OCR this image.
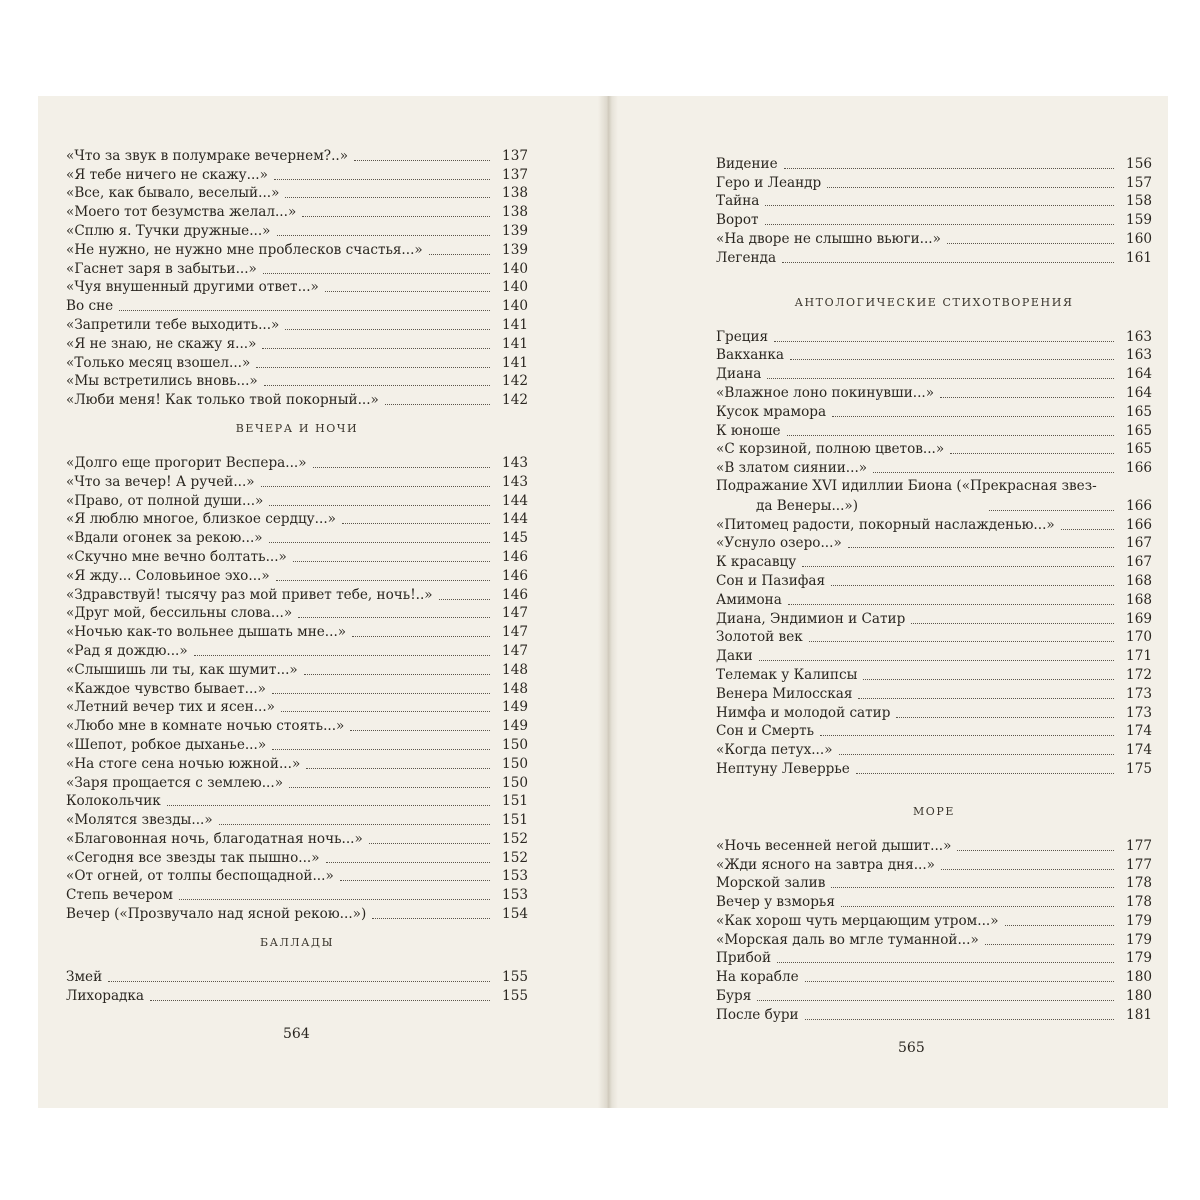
«Что за звук в полумраке вечернем?..»	137
«Я тебе ничего не скажу...»	137
«Все, как бывало, веселый...»	138
«Моего тот безумства желал...»	138
«Сплю я. Тучки дружные...»	139
«Не нужно, не нужно мне проблесков счастья...»	139
«Гаснет заря в забытьи...»	140
«Чуя внушенный другими ответ...»	140
Во сне	140
«Запретили тебе выходить...»	141
«Я не знаю, не скажу я...»	141
«Только месяц взошел...»	141
«Мы встретились вновь...»	142
«Люби меня! Как только твой покорный...»	142
ВЕЧЕРА И НОЧИ
«Долго еще прогорит Веспера...»	143
«Что за вечер! А ручей...»	143
«Право, от полной души...»	144
«Я люблю многое, близкое сердцу...»	144
«Вдали огонек за рекою...»	145
«Скучно мне вечно болтать...»	146
«Я жду... Соловьиное эхо...»	146
«Здравствуй! тысячу раз мой привет тебе, ночь!..»	146
«Друг мой, бессильны слова...»	147
«Ночью как-то вольнее дышать мне...»	147
«Рад я дождю...»	147
«Слышишь ли ты, как шумит...»	148
«Каждое чувство бывает...»	148
«Летний вечер тих и ясен...»	149
«Любо мне в комнате ночью стоять...»	149
«Шепот, робкое дыханье...»	150
«На стоге сена ночью южной...»	150
«Заря прощается с землею...»	150
Колокольчик	151
«Молятся звезды...»	151
«Благовонная ночь, благодатная ночь...»	152
«Сегодня все звезды так пышно...»	152
«От огней, от толпы беспощадной...»	153
Степь вечером	153
Вечер («Прозвучало над ясной рекою...»)	154
БАЛЛАДЫ
Змей	155
Лихорадка	155
564
Видение	156
Геро и Леандр	157
Тайна	158
Ворот	159
«На дворе не слышно вьюги...»	160
Легенда	161
АНТОЛОГИЧЕСКИЕ СТИХОТВОРЕНИЯ
Греция	163
Вакханка	163
Диана	164
«Влажное лоно покинувши...»	164
Кусок мрамора	165
К юноше	165
«С корзиной, полною цветов...»	165
«В златом сиянии...»	166
Подражание XVI идиллии Биона («Прекрасная звез-
да Венеры...»)	166
«Питомец радости, покорный наслажденью...»	166
«Уснуло озеро...»	167
К красавцу	167
Сон и Пазифая	168
Амимона	168
Диана, Эндимион и Сатир	169
Золотой век	170
Даки	171
Телемак у Калипсы	172
Венера Милосская	173
Нимфа и молодой сатир	173
Сон и Смерть	174
«Когда петух...»	174
Нептуну Леверрье	175
МОРЕ
«Ночь весенней негой дышит...»	177
«Жди ясного на завтра дня...»	177
Морской залив	178
Вечер у взморья	178
«Как хорош чуть мерцающим утром...»	179
«Морская даль во мгле туманной...»	179
Прибой	179
На корабле	180
Буря	180
После бури	181
565
